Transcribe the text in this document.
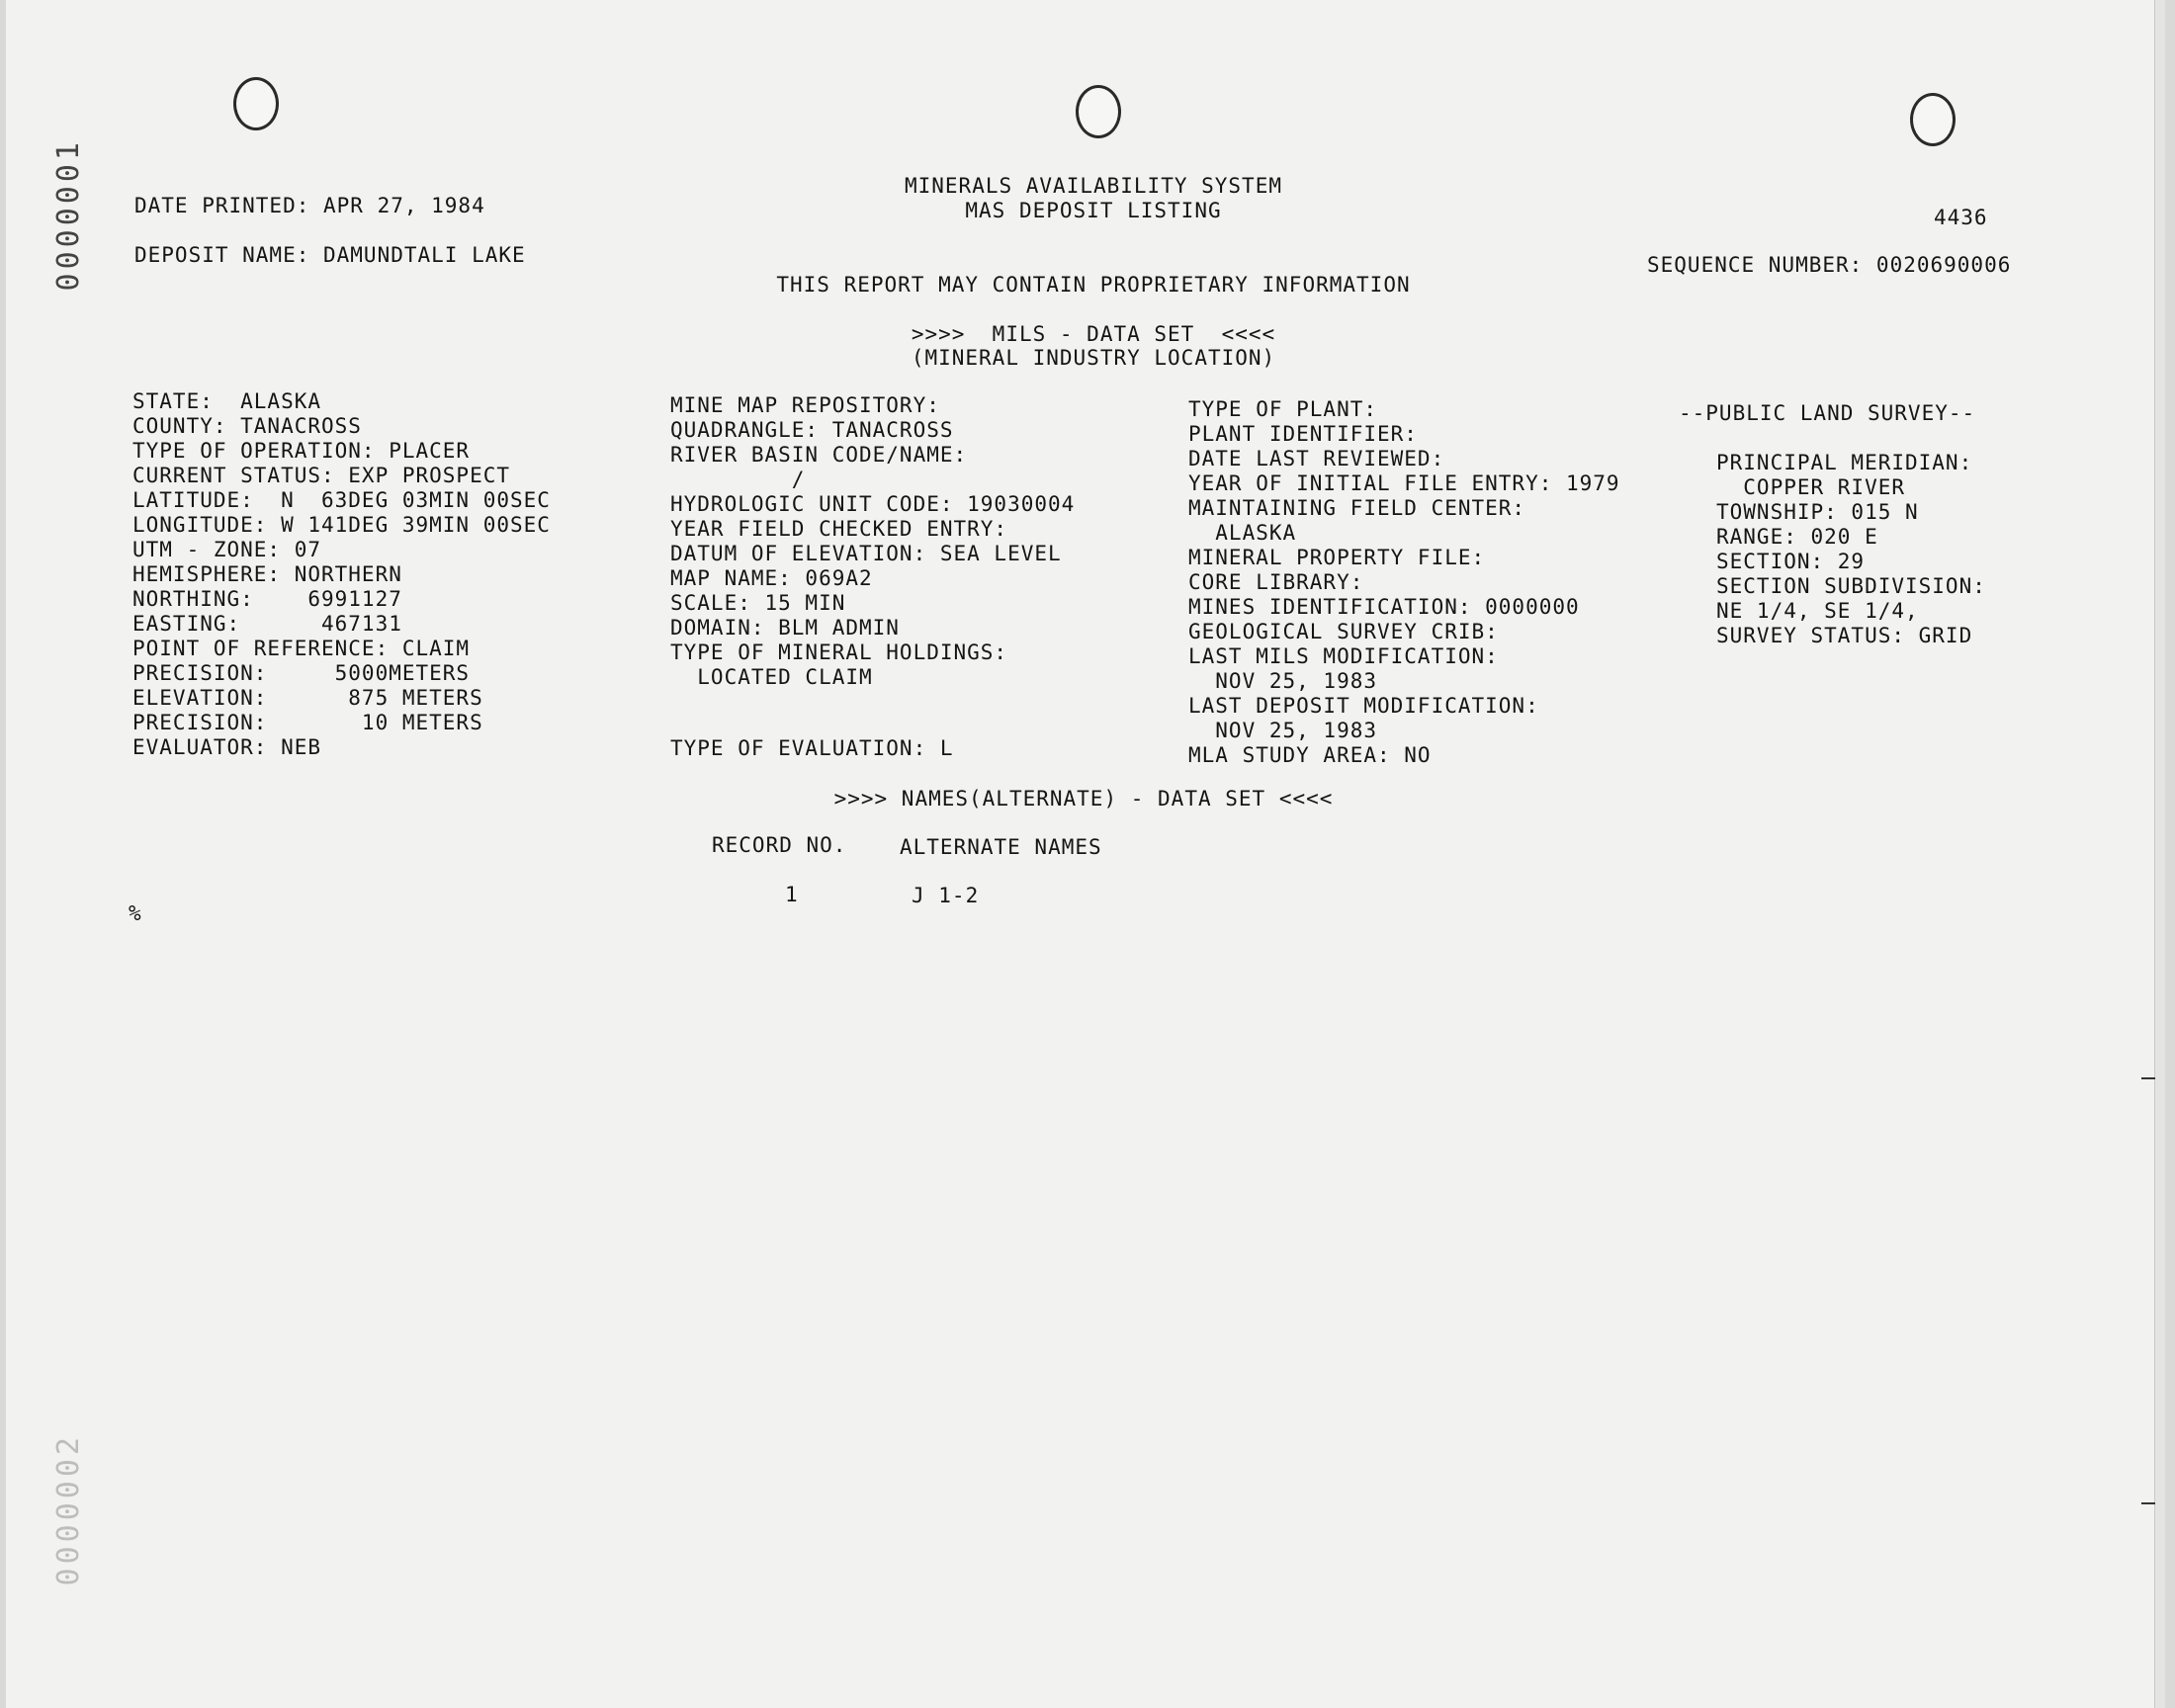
0000001
0000002
DATE PRINTED: APR 27, 1984
DEPOSIT NAME: DAMUNDTALI LAKE
MINERALS AVAILABILITY SYSTEM
MAS DEPOSIT LISTING	4436
SEQUENCE NUMBER: 0020690006
THIS REPORT MAY CONTAIN PROPRIETARY INFORMATION
>>>>  MILS - DATA SET  <<<<
(MINERAL INDUSTRY LOCATION)
STATE:  ALASKA
COUNTY: TANACROSS
TYPE OF OPERATION: PLACER
CURRENT STATUS: EXP PROSPECT
LATITUDE:  N  63DEG 03MIN 00SEC
LONGITUDE: W 141DEG 39MIN 00SEC
UTM - ZONE: 07
HEMISPHERE: NORTHERN
NORTHING:    6991127
EASTING:      467131
POINT OF REFERENCE: CLAIM
PRECISION:     5000METERS
ELEVATION:      875 METERS
PRECISION:       10 METERS
EVALUATOR: NEB
MINE MAP REPOSITORY:
QUADRANGLE: TANACROSS
RIVER BASIN CODE/NAME:
/
HYDROLOGIC UNIT CODE: 19030004
YEAR FIELD CHECKED ENTRY:
DATUM OF ELEVATION: SEA LEVEL
MAP NAME: 069A2
SCALE: 15 MIN
DOMAIN: BLM ADMIN
TYPE OF MINERAL HOLDINGS:
LOCATED CLAIM
TYPE OF EVALUATION: L
TYPE OF PLANT:
PLANT IDENTIFIER:
DATE LAST REVIEWED:
YEAR OF INITIAL FILE ENTRY: 1979
MAINTAINING FIELD CENTER:
ALASKA
MINERAL PROPERTY FILE:
CORE LIBRARY:
MINES IDENTIFICATION: 0000000
GEOLOGICAL SURVEY CRIB:
LAST MILS MODIFICATION:
NOV 25, 1983
LAST DEPOSIT MODIFICATION:
NOV 25, 1983
MLA STUDY AREA: NO
--PUBLIC LAND SURVEY--
PRINCIPAL MERIDIAN:
COPPER RIVER
TOWNSHIP: 015 N
RANGE: 020 E
SECTION: 29
SECTION SUBDIVISION:
NE 1/4, SE 1/4,
SURVEY STATUS: GRID
>>>> NAMES(ALTERNATE) - DATA SET <<<<
RECORD NO.	ALTERNATE NAMES
1	J 1-2
%
